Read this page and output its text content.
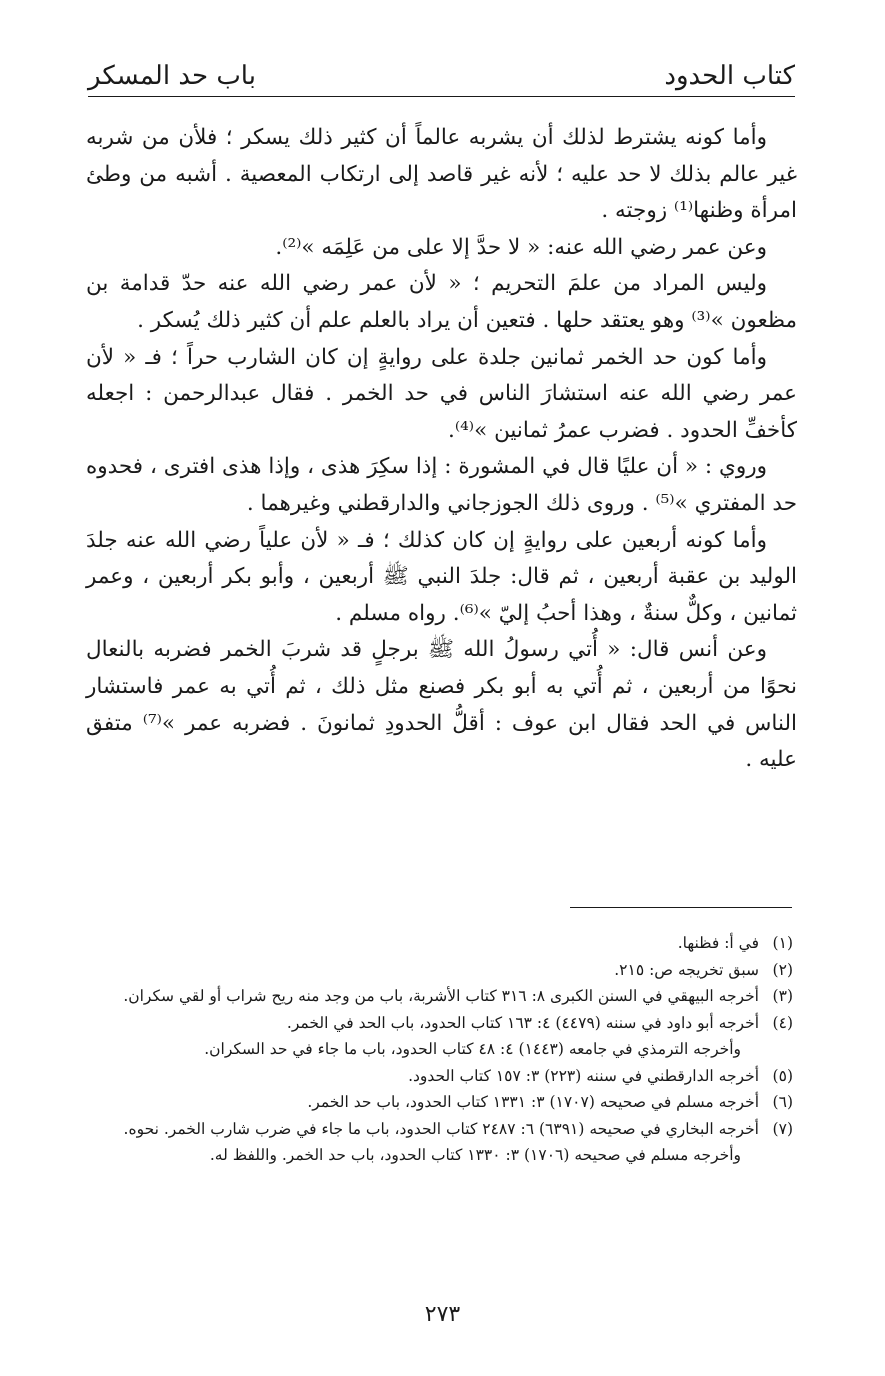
كتاب الحدود
باب حد المسكر

وأما كونه يشترط لذلك أن يشربه عالماً أن كثير ذلك يسكر ؛ فلأن من شربه غير عالم بذلك لا حد عليه ؛ لأنه غير قاصد إلى ارتكاب المعصية . أشبه من وطئ امرأة وظنها⁽¹⁾ زوجته .

وعن عمر رضي الله عنه: « لا حدَّ إلا على من عَلِمَه »⁽²⁾.

وليس المراد من علمَ التحريم ؛ « لأن عمر رضي الله عنه حدّ قدامة بن مظعون »⁽³⁾ وهو يعتقد حلها . فتعين أن يراد بالعلم علم أن كثير ذلك يُسكر .

وأما كون حد الخمر ثمانين جلدة على روايةٍ إن كان الشارب حراً ؛ فـ « لأن عمر رضي الله عنه استشارَ الناس في حد الخمر . فقال عبدالرحمن : اجعله كأخفِّ الحدود . فضرب عمرُ ثمانين »⁽⁴⁾.

وروي : « أن عليًا قال في المشورة : إذا سكِرَ هذى ، وإذا هذى افترى ، فحدوه حد المفتري »⁽⁵⁾ . وروى ذلك الجوزجاني والدارقطني وغيرهما .

وأما كونه أربعين على روايةٍ إن كان كذلك ؛ فـ « لأن علياً رضي الله عنه جلدَ الوليد بن عقبة أربعين ، ثم قال: جلدَ النبي ﷺ أربعين ، وأبو بكر أربعين ، وعمر ثمانين ، وكلٌّ سنةٌ ، وهذا أحبُ إليّ »⁽⁶⁾. رواه مسلم .

وعن أنس قال: « أُتي رسولُ الله ﷺ برجلٍ قد شربَ الخمر فضربه بالنعال نحوًا من أربعين ، ثم أُتي به أبو بكر فصنع مثل ذلك ، ثم أُتي به عمر فاستشار الناس في الحد فقال ابن عوف : أقلُّ الحدودِ ثمانونَ . فضربه عمر »⁽⁷⁾ متفق عليه .

(١)
في أ: فظنها.
(٢)
سبق تخريجه ص: ٢١٥.
(٣)
أخرجه البيهقي في السنن الكبرى ٨: ٣١٦ كتاب الأشربة، باب من وجد منه ريح شراب أو لقي سكران.
(٤)
أخرجه أبو داود في سننه (٤٤٧٩) ٤: ١٦٣ كتاب الحدود، باب الحد في الخمر.

وأخرجه الترمذي في جامعه (١٤٤٣) ٤: ٤٨ كتاب الحدود، باب ما جاء في حد السكران.

(٥)
أخرجه الدارقطني في سننه (٢٢٣) ٣: ١٥٧ كتاب الحدود.
(٦)
أخرجه مسلم في صحيحه (١٧٠٧) ٣: ١٣٣١ كتاب الحدود، باب حد الخمر.
(٧)
أخرجه البخاري في صحيحه (٦٣٩١) ٦: ٢٤٨٧ كتاب الحدود، باب ما جاء في ضرب شارب الخمر. نحوه.

وأخرجه مسلم في صحيحه (١٧٠٦) ٣: ١٣٣٠ كتاب الحدود، باب حد الخمر. واللفظ له.

٢٧٣
